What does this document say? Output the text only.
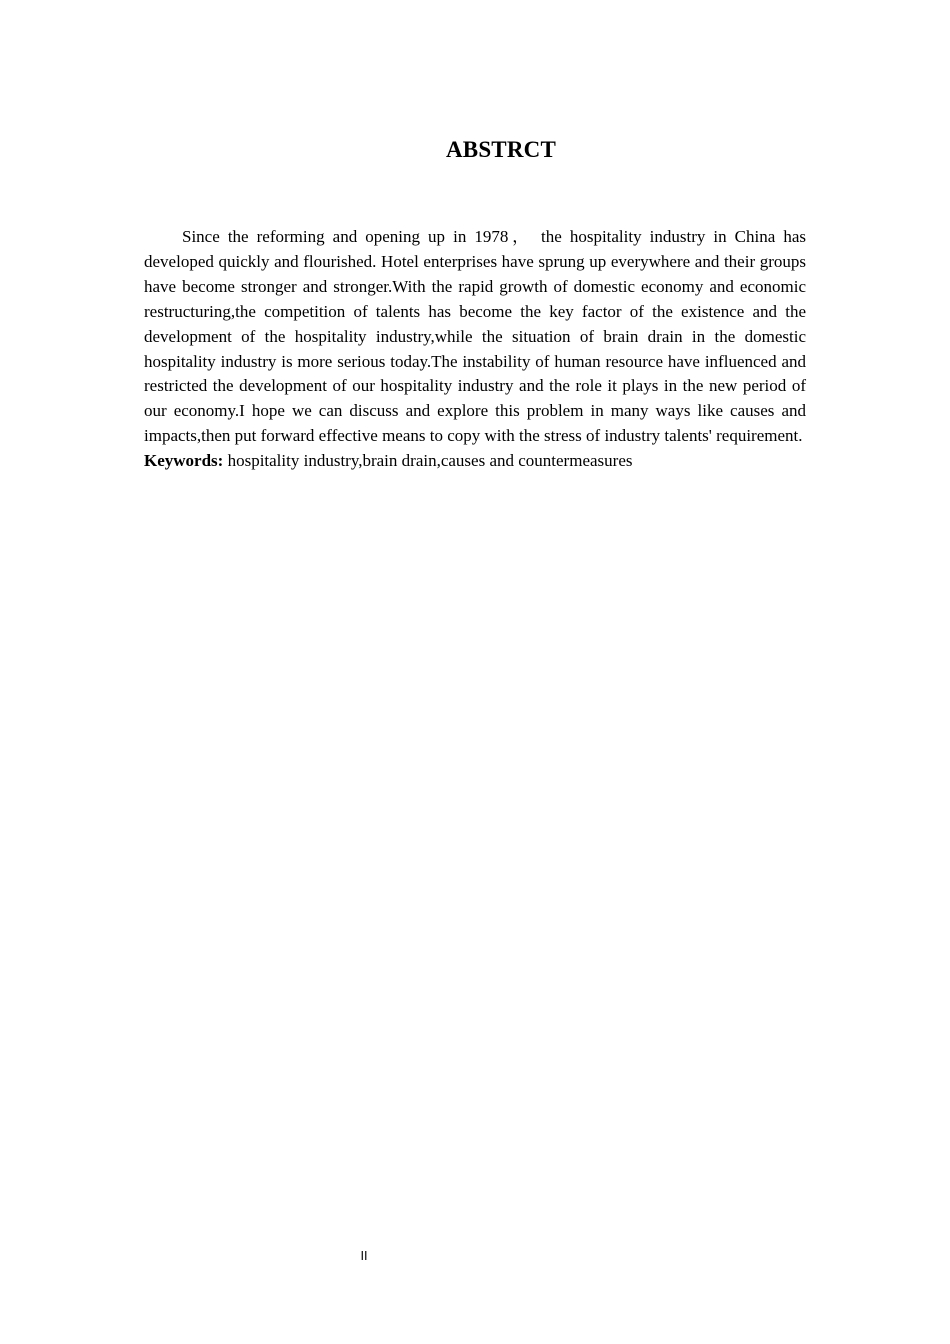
ABSTRCT

Since the reforming and opening up in 1978， the hospitality industry in China has developed quickly and flourished. Hotel enterprises have sprung up everywhere and their groups have become stronger and stronger.With the rapid growth of domestic economy and economic restructuring,the competition of talents has become the key factor of the existence and the development of the hospitality industry,while the situation of brain drain in the domestic hospitality industry is more serious today.The instability of human resource have influenced and restricted the development of our hospitality industry and the role it plays in the new period of our economy.I hope we can discuss and explore this problem in many ways like causes and impacts,then put forward effective means to copy with the stress of industry talents' requirement.

Keywords: hospitality industry,brain drain,causes and countermeasures

II
